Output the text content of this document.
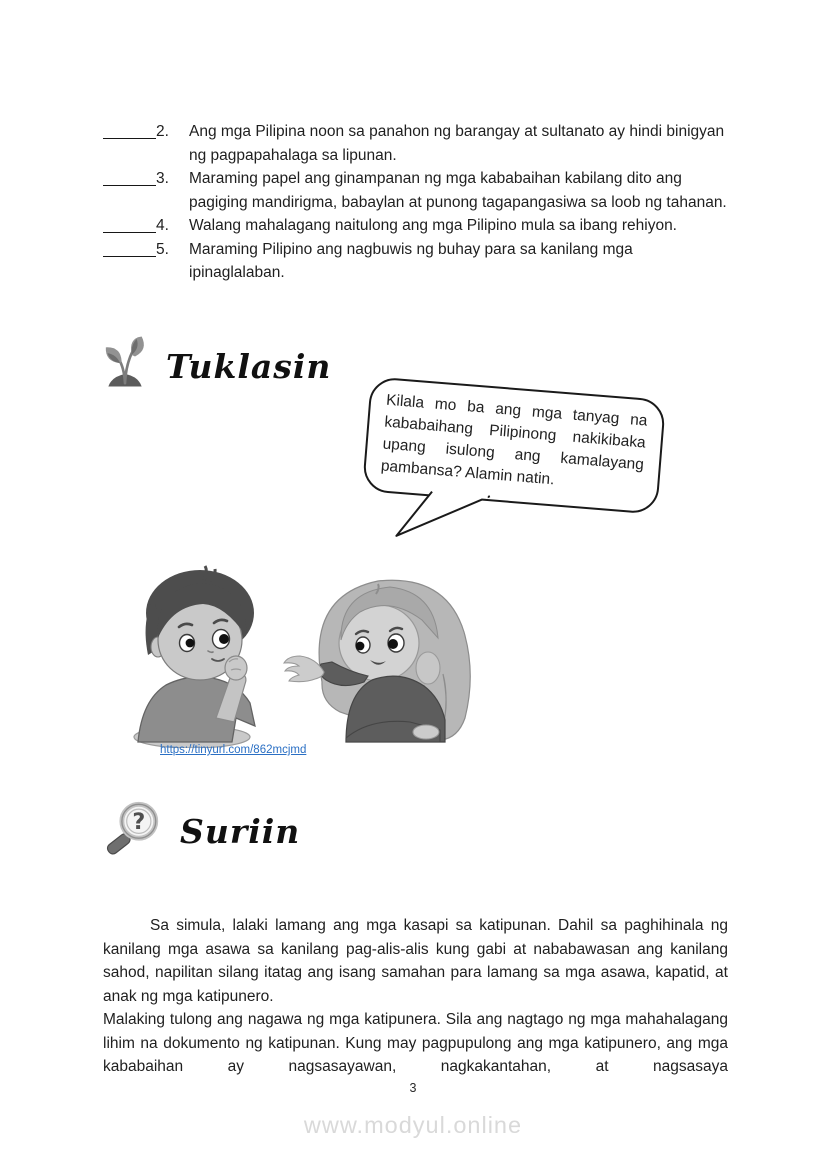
2.	Ang mga Pilipina noon sa panahon ng barangay at sultanato ay hindi binigyan ng pagpapahalaga sa lipunan.
3.	Maraming papel ang ginampanan ng mga kababaihan kabilang dito ang pagiging mandirigma, babaylan at punong tagapangasiwa sa loob ng tahanan.
4.	Walang mahalagang naitulong ang mga Pilipino mula sa ibang rehiyon.
5.	Maraming Pilipino ang nagbuwis ng buhay para sa kanilang mga ipinaglalaban.
Tuklasin
Kilala mo ba ang mga tanyag na kababaihang Pilipinong nakikibaka upang isulong ang kamalayang pambansa? Alamin natin.
https://tinyurl.com/862mcjmd
? Suriin

Sa simula, lalaki lamang ang mga kasapi sa katipunan. Dahil sa paghihinala ng kanilang mga asawa sa kanilang pag-alis-alis kung gabi at nababawasan ang kanilang sahod, napilitan silang itatag ang isang samahan para lamang sa mga asawa, kapatid, at anak ng mga katipunero.

Malaking tulong ang nagawa ng mga katipunera. Sila ang nagtago ng mga mahahalagang lihim na dokumento ng katipunan. Kung may pagpupulong ang mga katipunero, ang mga kababaihan ay nagsasayawan, nagkakantahan, at nagsasaya

3
www.modyul.online
